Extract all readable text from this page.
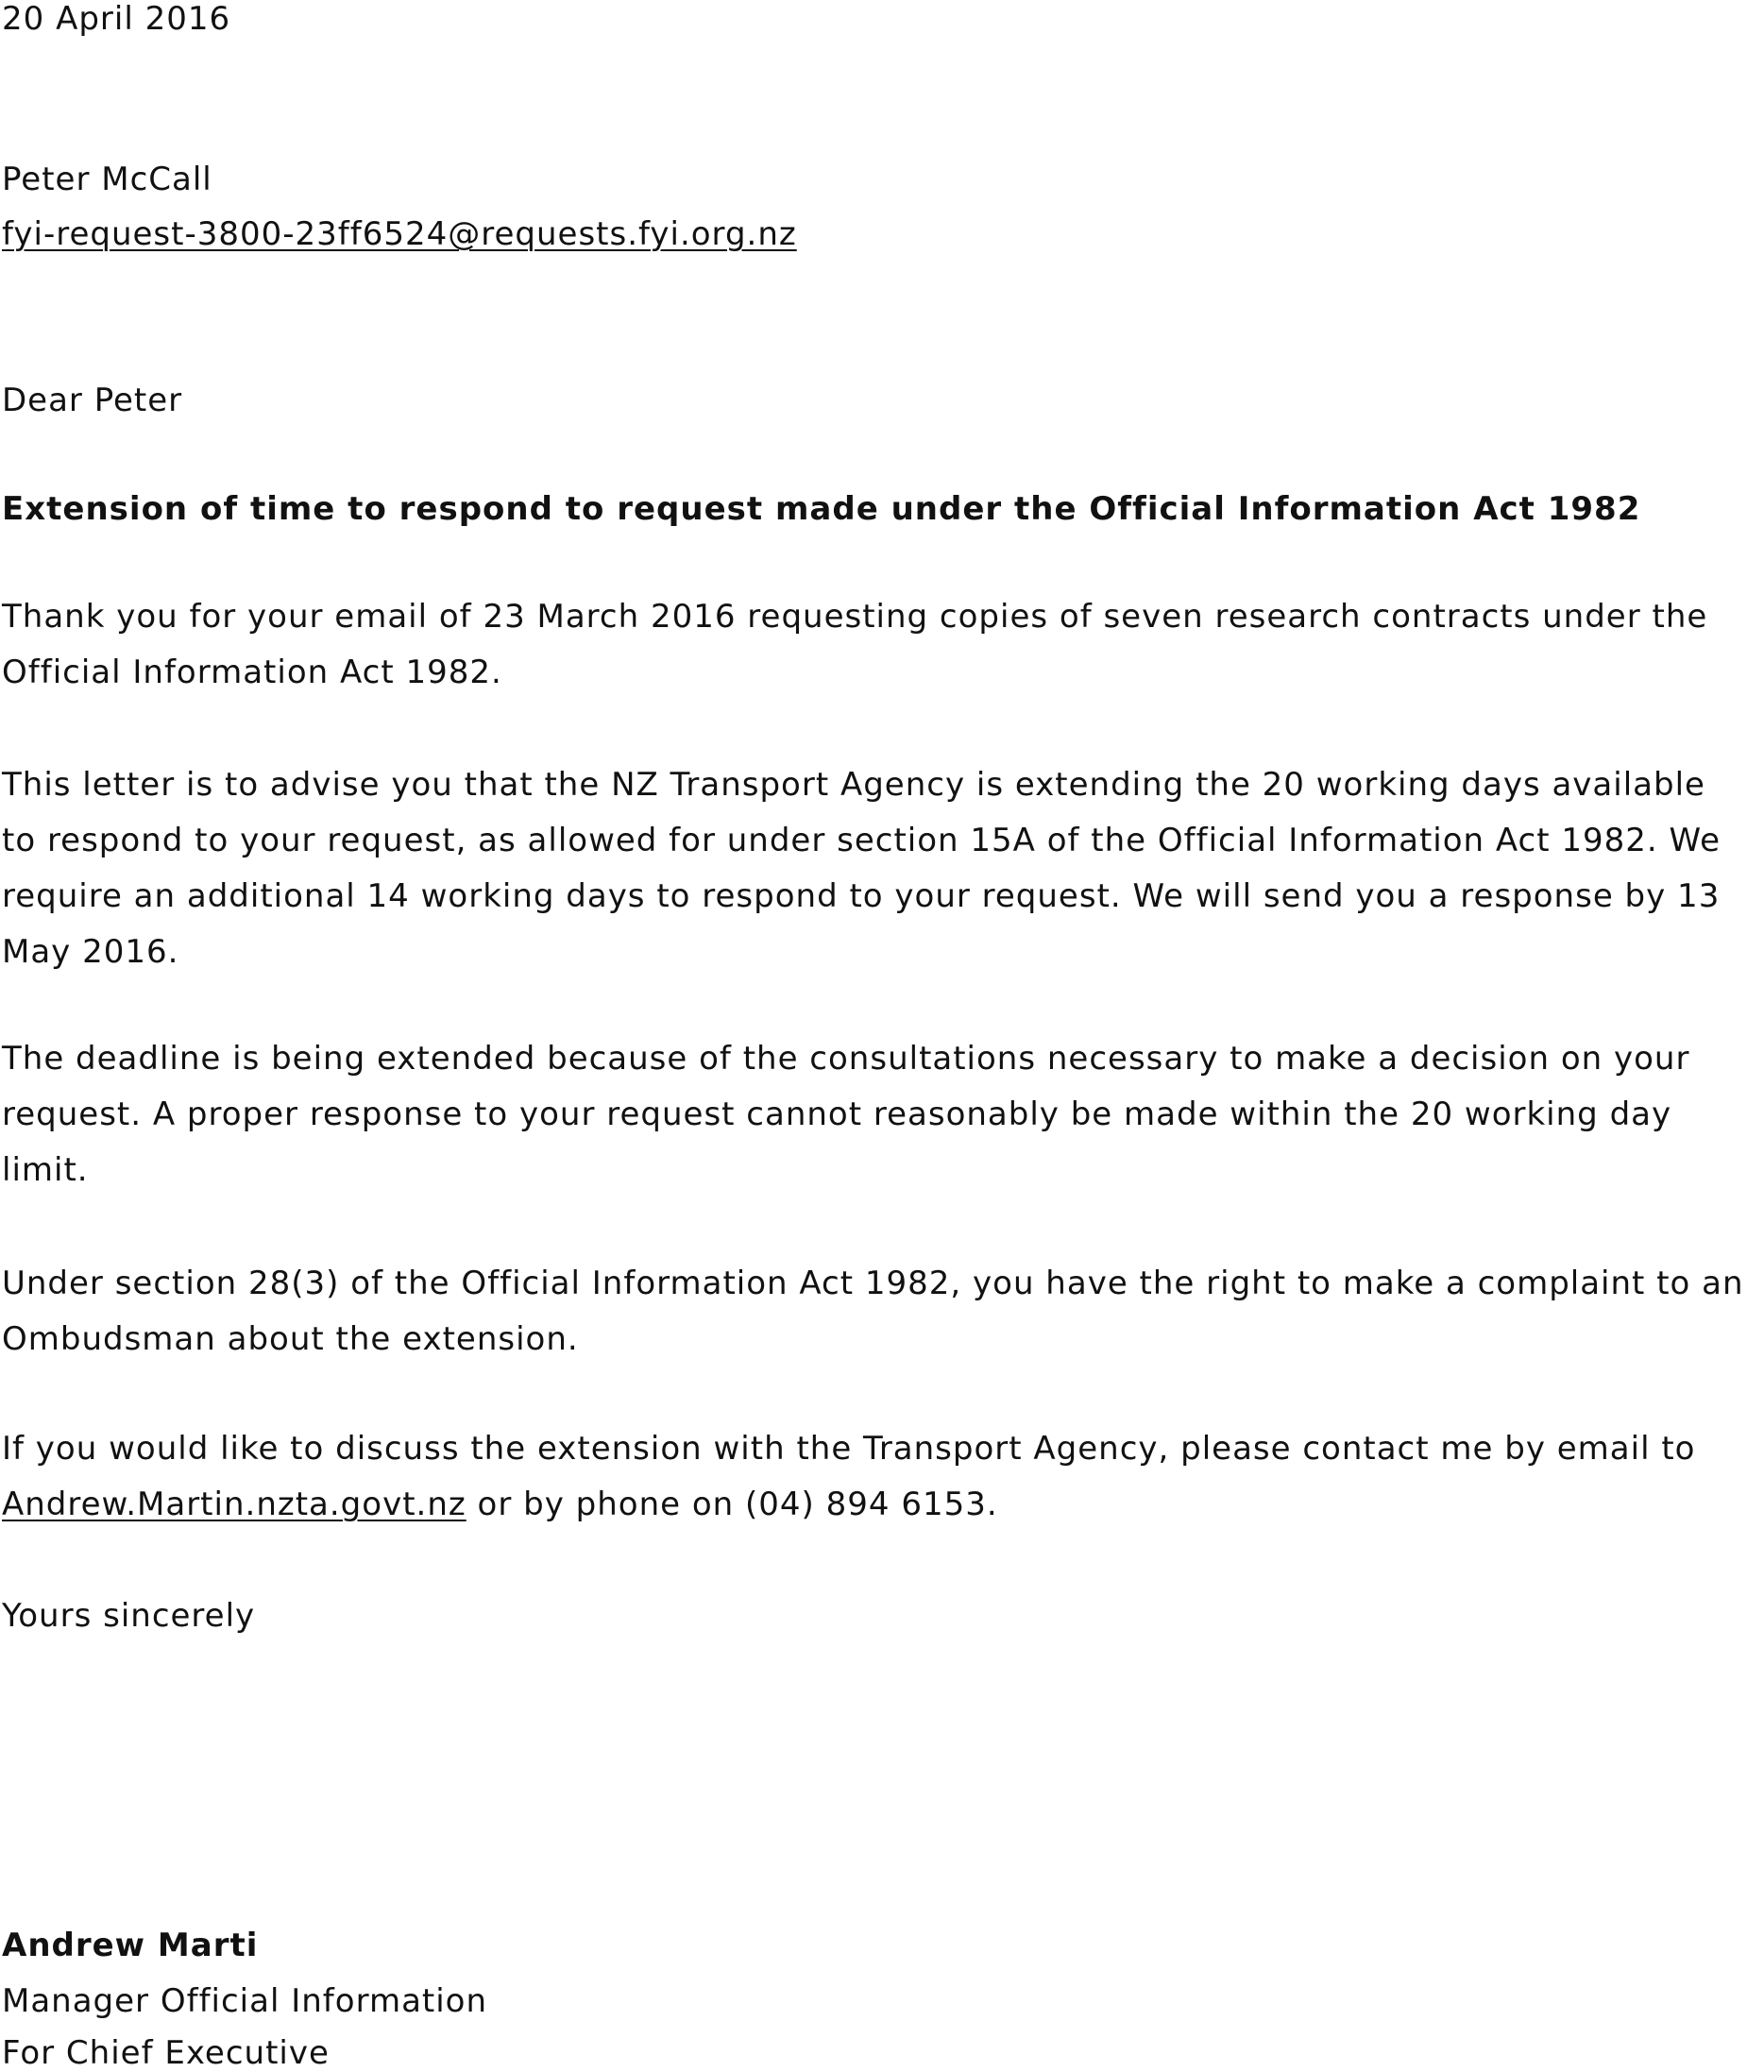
20 April 2016
Peter McCall
fyi-request-3800-23ff6524@requests.fyi.org.nz
Dear Peter
Extension of time to respond to request made under the Official Information Act 1982
Thank you for your email of 23 March 2016 requesting copies of seven research contracts under the Official Information Act 1982.
This letter is to advise you that the NZ Transport Agency is extending the 20 working days available to respond to your request, as allowed for under section 15A of the Official Information Act 1982. We require an additional 14 working days to respond to your request. We will send you a response by 13 May 2016.
The deadline is being extended because of the consultations necessary to make a decision on your request. A proper response to your request cannot reasonably be made within the 20 working day limit.
Under section 28(3) of the Official Information Act 1982, you have the right to make a complaint to an Ombudsman about the extension.
If you would like to discuss the extension with the Transport Agency, please contact me by email to Andrew.Martin.nzta.govt.nz or by phone on (04) 894 6153.
Yours sincerely
Andrew Marti
Manager Official Information
For Chief Executive
